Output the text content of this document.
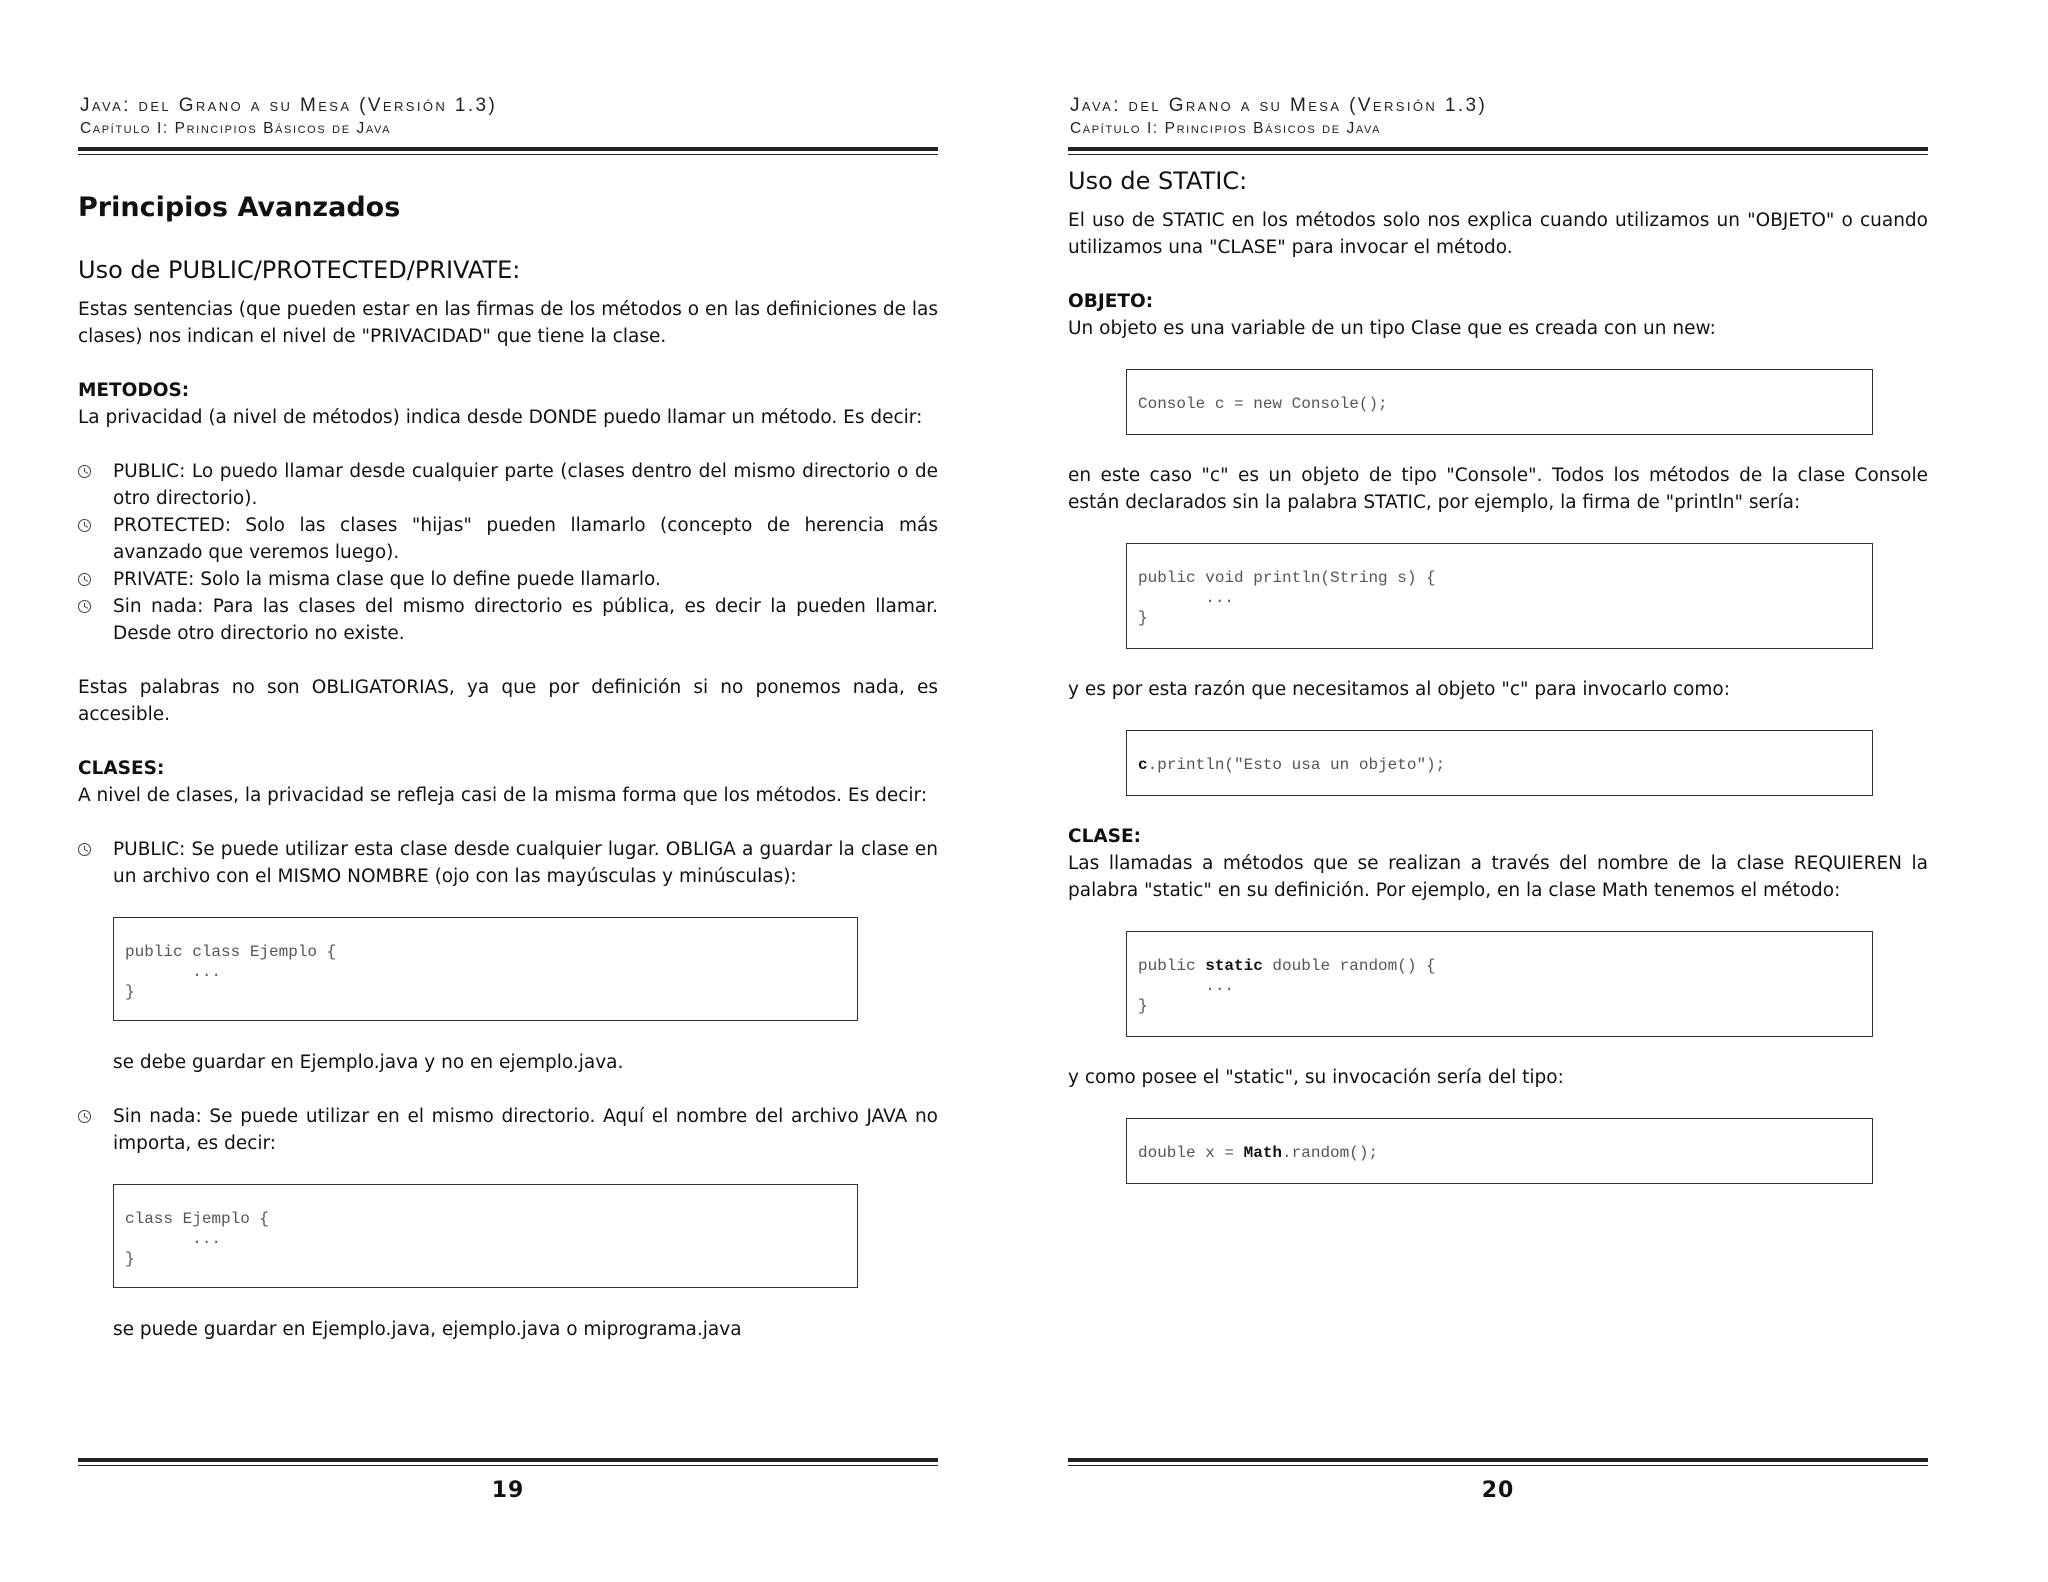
Java: del Grano a su Mesa (Versión 1.3)
Capítulo I: Principios Básicos de Java
Principios Avanzados
Uso de PUBLIC/PROTECTED/PRIVATE:

Estas sentencias (que pueden estar en las firmas de los métodos o en las definiciones de las clases) nos indican el nivel de "PRIVACIDAD" que tiene la clase.

METODOS:

La privacidad (a nivel de métodos) indica desde DONDE puedo llamar un método. Es decir:

PUBLIC: Lo puedo llamar desde cualquier parte (clases dentro del mismo directorio o de otro directorio).
PROTECTED: Solo las clases "hijas" pueden llamarlo (concepto de herencia más avanzado que veremos luego).
PRIVATE: Solo la misma clase que lo define puede llamarlo.
Sin nada: Para las clases del mismo directorio es pública, es decir la pueden llamar. Desde otro directorio no existe.

Estas palabras no son OBLIGATORIAS, ya que por definición si no ponemos nada, es accesible.

CLASES:

A nivel de clases, la privacidad se refleja casi de la misma forma que los métodos. Es decir:

PUBLIC: Se puede utilizar esta clase desde cualquier lugar. OBLIGA a guardar la clase en un archivo con el MISMO NOMBRE (ojo con las mayúsculas y minúsculas):
public class Ejemplo {
...
}

se debe guardar en Ejemplo.java y no en ejemplo.java.

Sin nada: Se puede utilizar en el mismo directorio. Aquí el nombre del archivo JAVA no importa, es decir:
class Ejemplo {
...
}

se puede guardar en Ejemplo.java, ejemplo.java o miprograma.java

19
Java: del Grano a su Mesa (Versión 1.3)
Capítulo I: Principios Básicos de Java
Uso de STATIC:

El uso de STATIC en los métodos solo nos explica cuando utilizamos un "OBJETO" o cuando utilizamos una "CLASE" para invocar el método.

OBJETO:

Un objeto es una variable de un tipo Clase que es creada con un new:

Console c = new Console();

en este caso "c" es un objeto de tipo "Console". Todos los métodos de la clase Console están declarados sin la palabra STATIC, por ejemplo, la firma de "println" sería:

public void println(String s) {
...
}

y es por esta razón que necesitamos al objeto "c" para invocarlo como:

c.println("Esto usa un objeto");
CLASE:

Las llamadas a métodos que se realizan a través del nombre de la clase REQUIEREN la palabra "static" en su definición. Por ejemplo, en la clase Math tenemos el método:

public static double random() {
...
}

y como posee el "static", su invocación sería del tipo:

double x = Math.random();
20
